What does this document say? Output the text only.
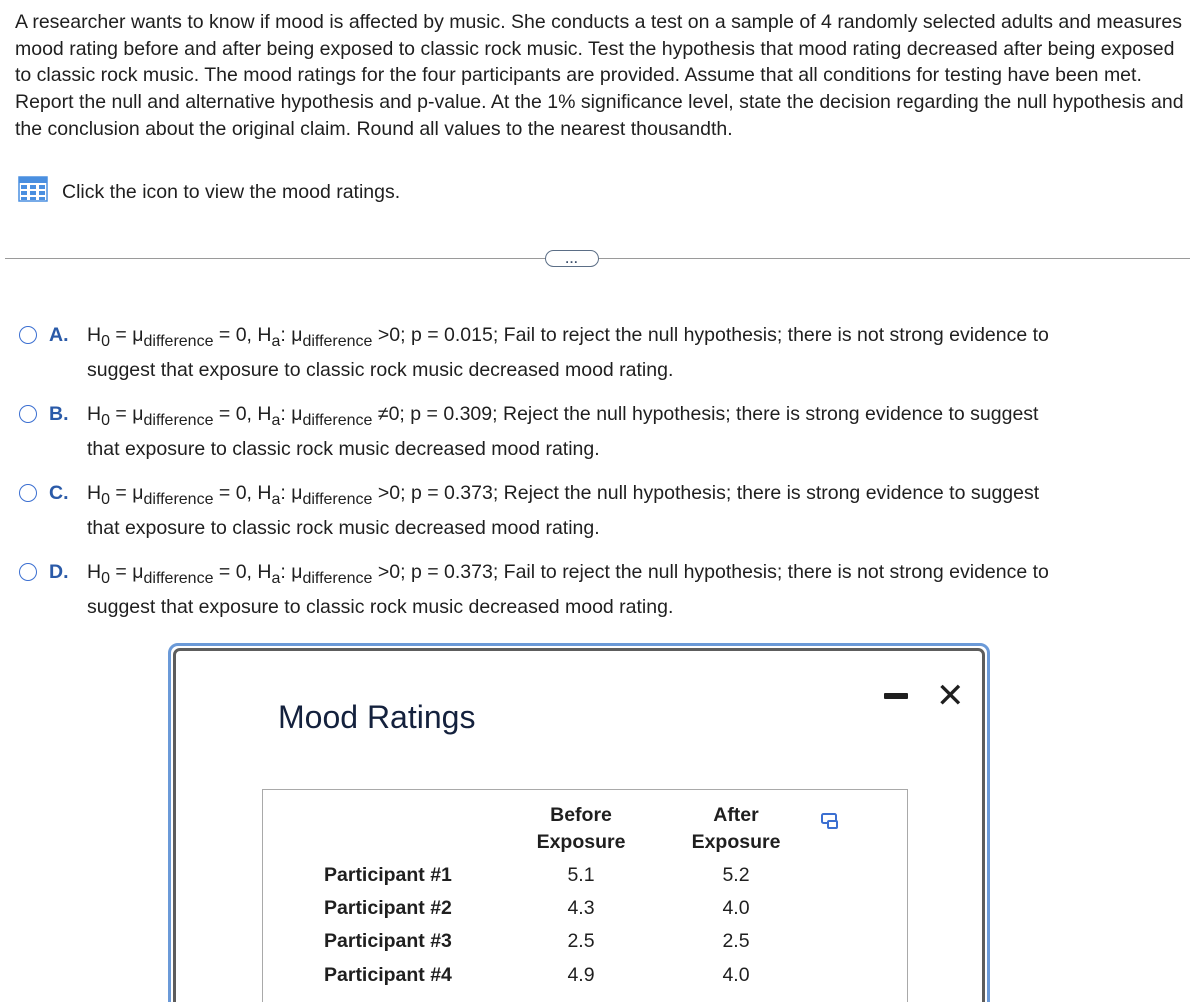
A researcher wants to know if mood is affected by music. She conducts a test on a sample of 4 randomly selected adults and measures mood rating before and after being exposed to classic rock music. Test the hypothesis that mood rating decreased after being exposed to classic rock music. The mood ratings for the four participants are provided. Assume that all conditions for testing have been met. Report the null and alternative hypothesis and p-value. At the 1% significance level, state the decision regarding the null hypothesis and the conclusion about the original claim. Round all values to the nearest thousandth.
Click the icon to view the mood ratings.
...
A. $H_0 = \mu_{difference} = 0$, $H_a$: $\mu_{difference} >0$; p = 0.015; Fail to reject the null hypothesis; there is not strong evidence to
suggest that exposure to classic rock music decreased mood rating.
B. $H_0 = \mu_{difference} = 0$, $H_a$: $\mu_{difference} \ne 0$; p = 0.309; Reject the null hypothesis; there is strong evidence to suggest
that exposure to classic rock music decreased mood rating.
C. $H_0 = \mu_{difference} = 0$, $H_a$: $\mu_{difference} >0$; p = 0.373; Reject the null hypothesis; there is strong evidence to suggest
that exposure to classic rock music decreased mood rating.
D. $H_0 = \mu_{difference} = 0$, $H_a$: $\mu_{difference} >0$; p = 0.373; Fail to reject the null hypothesis; there is not strong evidence to
suggest that exposure to classic rock music decreased mood rating.
Mood Ratings
✕
Before
Exposure
After
Exposure
Participant #1	5.1	5.2
Participant #2	4.3	4.0
Participant #3	2.5	2.5
Participant #4	4.9	4.0
